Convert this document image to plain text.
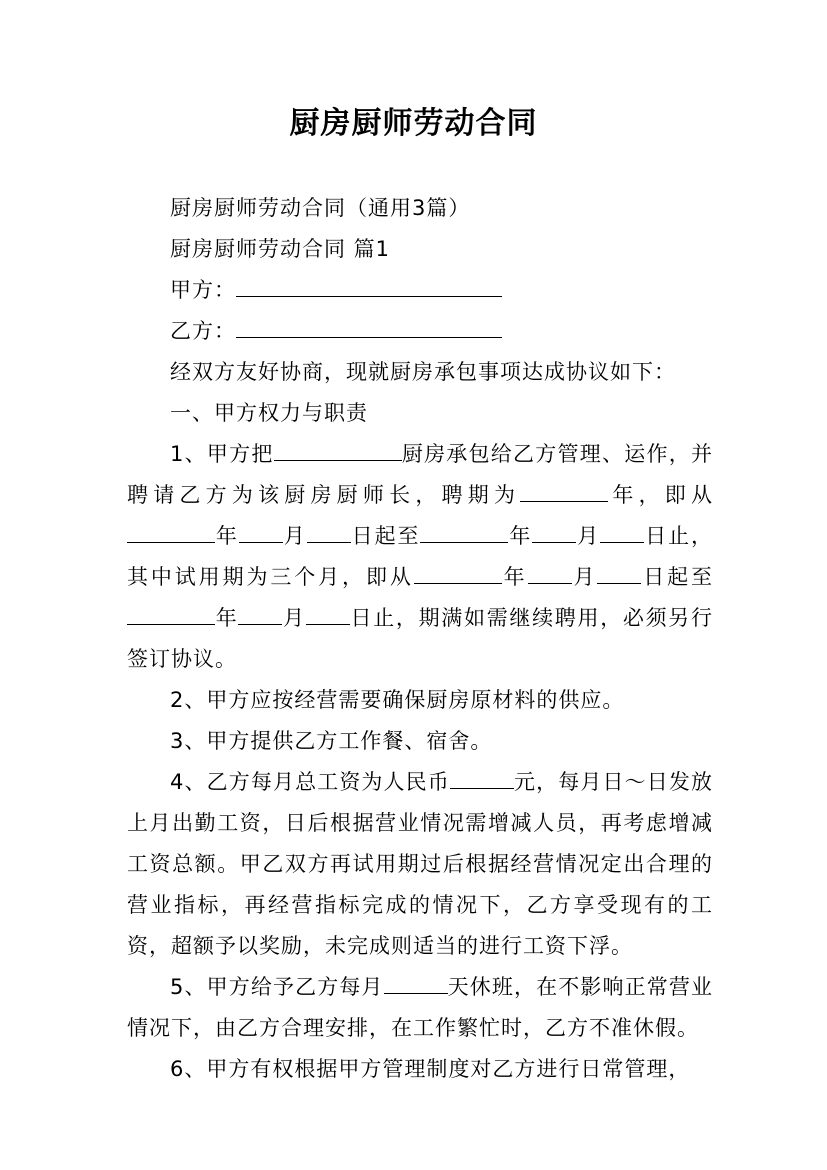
厨房厨师劳动合同

厨房厨师劳动合同（通用3篇）

厨房厨师劳动合同 篇1

甲方：

乙方：

经双方友好协商，现就厨房承包事项达成协议如下：

一、甲方权力与职责

1、甲方把	厨房承包给乙方管理、运作，并聘请乙方为该厨房厨师长，聘期为	年，即从年 月 日起至	年 月 日止，其中试用期为三个月，即从	年 月 日起至年 月 日止，期满如需继续聘用，必须另行签订协议。

2、甲方应按经营需要确保厨房原材料的供应。

3、甲方提供乙方工作餐、宿舍。

4、乙方每月总工资为人民币	元，每月日～日发放上月出勤工资，日后根据营业情况需增减人员，再考虑增减工资总额。甲乙双方再试用期过后根据经营情况定出合理的营业指标，再经营指标完成的情况下，乙方享受现有的工资，超额予以奖励，未完成则适当的进行工资下浮。

5、甲方给予乙方每月	天休班，在不影响正常营业情况下，由乙方合理安排，在工作繁忙时，乙方不准休假。

6、甲方有权根据甲方管理制度对乙方进行日常管理，
